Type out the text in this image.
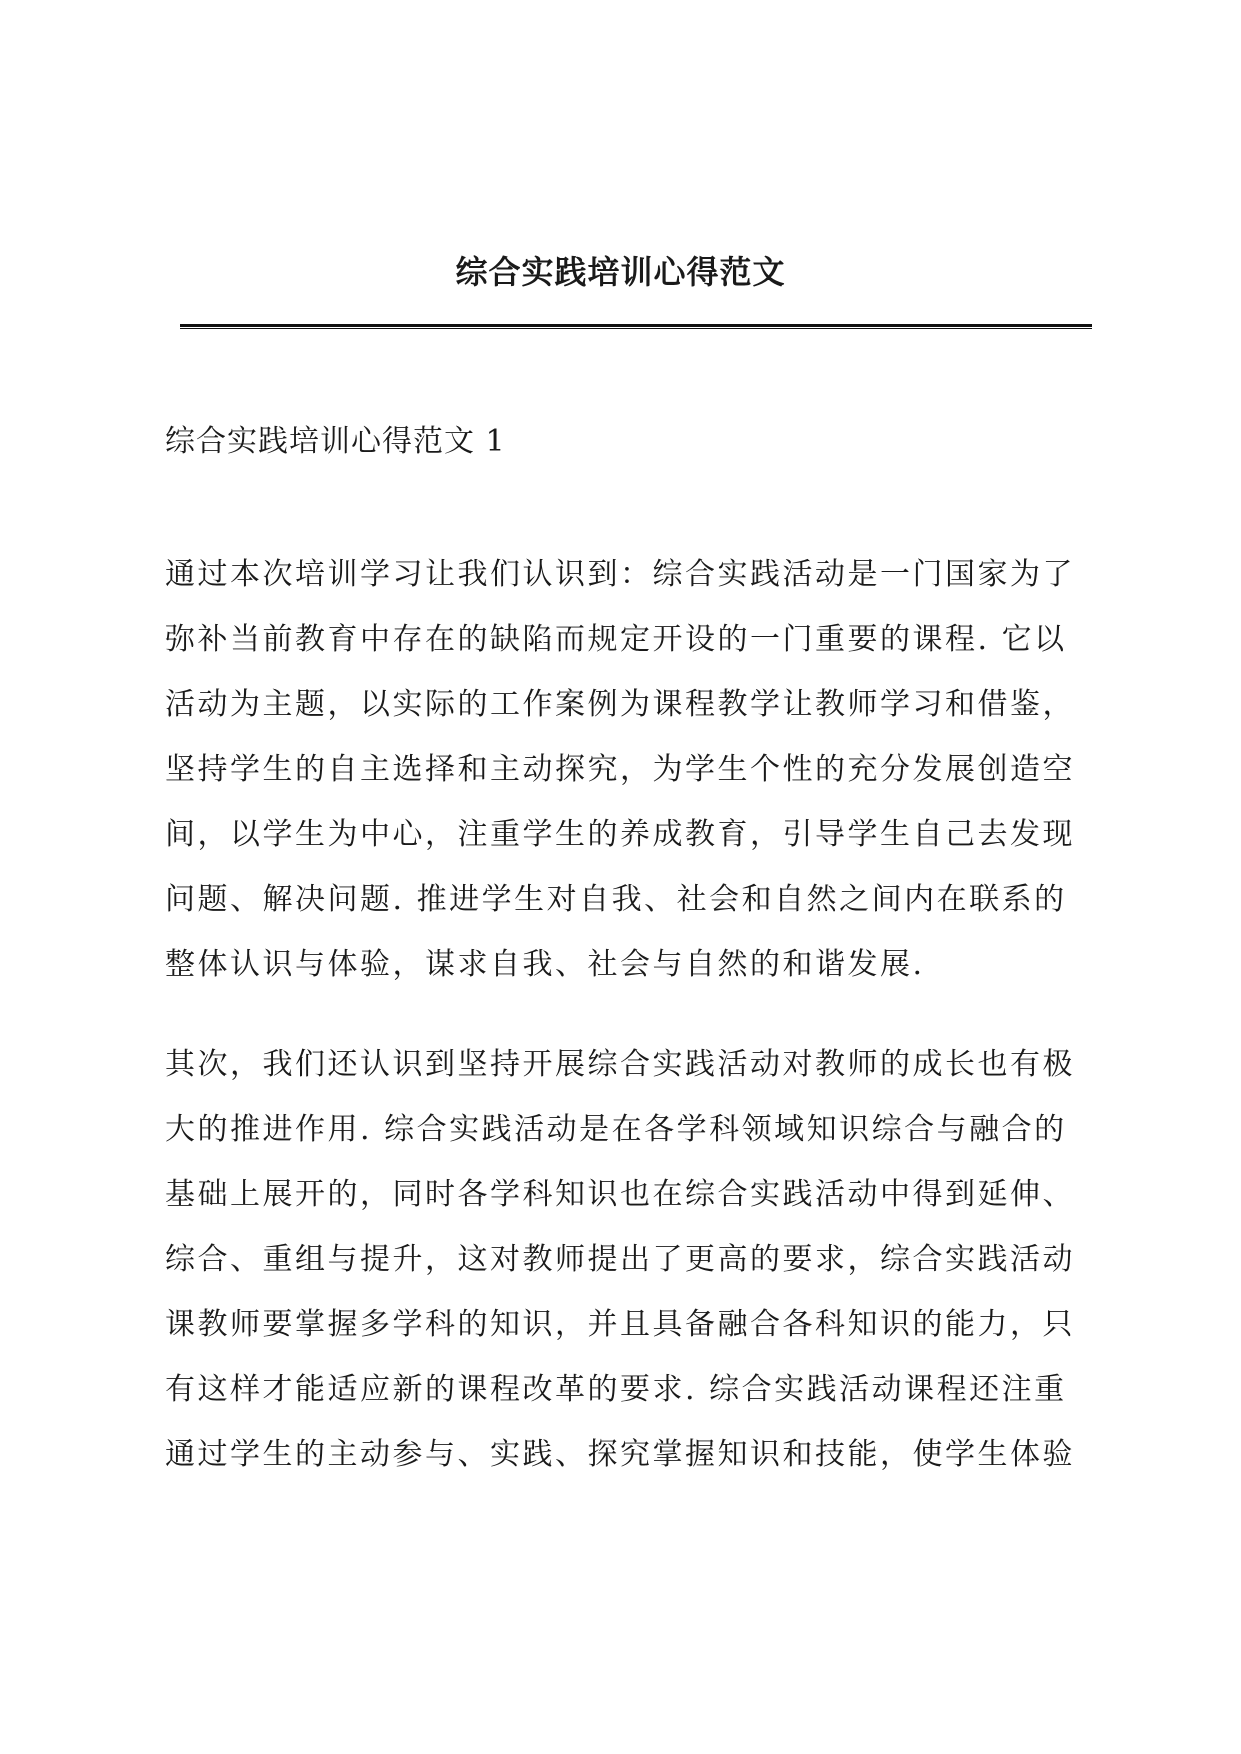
综合实践培训心得范文
综合实践培训心得范文 1
通过本次培训学习让我们认识到：综合实践活动是一门国家为了
弥补当前教育中存在的缺陷而规定开设的一门重要的课程. 它以
活动为主题，以实际的工作案例为课程教学让教师学习和借鉴，
坚持学生的自主选择和主动探究，为学生个性的充分发展创造空
间，以学生为中心，注重学生的养成教育，引导学生自己去发现
问题、解决问题. 推进学生对自我、社会和自然之间内在联系的
整体认识与体验，谋求自我、社会与自然的和谐发展.
其次，我们还认识到坚持开展综合实践活动对教师的成长也有极
大的推进作用. 综合实践活动是在各学科领域知识综合与融合的
基础上展开的，同时各学科知识也在综合实践活动中得到延伸、
综合、重组与提升，这对教师提出了更高的要求，综合实践活动
课教师要掌握多学科的知识，并且具备融合各科知识的能力，只
有这样才能适应新的课程改革的要求. 综合实践活动课程还注重
通过学生的主动参与、实践、探究掌握知识和技能，使学生体验
